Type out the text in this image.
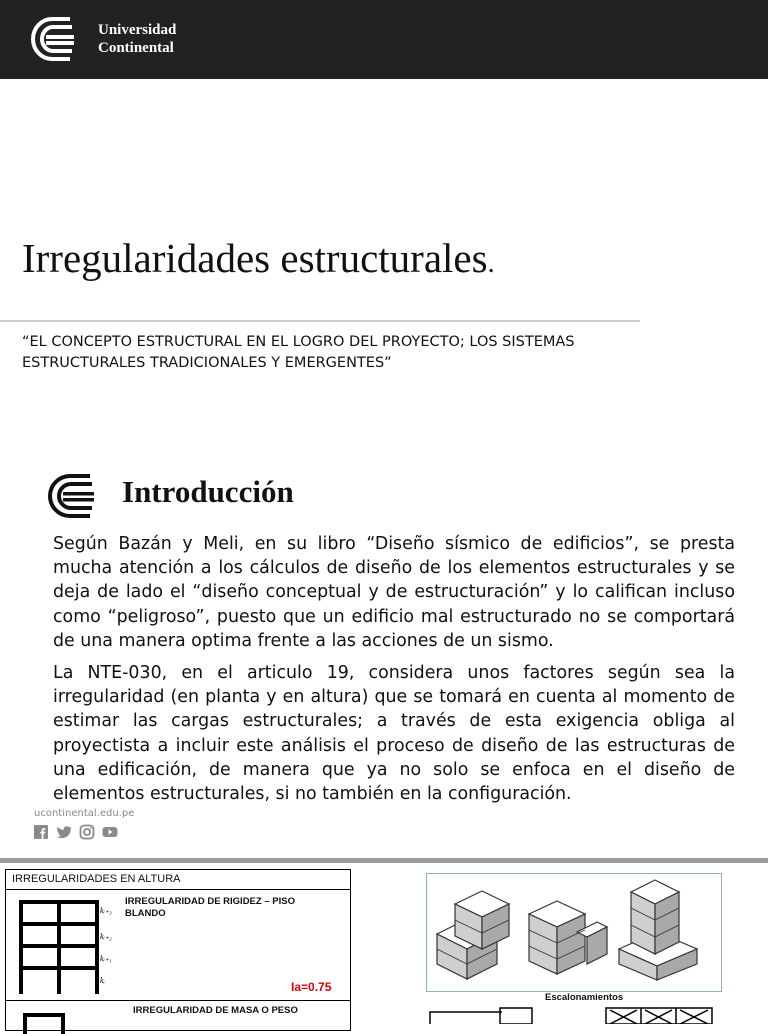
Universidad
Continental
Irregularidades estructurales.

“EL CONCEPTO ESTRUCTURAL EN EL LOGRO DEL PROYECTO; LOS SISTEMAS ESTRUCTURALES TRADICIONALES Y EMERGENTES”

Introducción

Según Bazán y Meli, en su libro “Diseño sísmico de edificios”, se presta mucha atención a los cálculos de diseño de los elementos estructurales y se deja de lado el “diseño conceptual y de estructuración” y lo califican incluso como “peligroso”, puesto que un edificio mal estructurado no se comportará de una manera optima frente a las acciones de un sismo.

La NTE-030, en el articulo 19, considera unos factores según sea la irregularidad (en planta y en altura) que se tomará en cuenta al momento de estimar las cargas estructurales; a través de esta exigencia obliga al proyectista a incluir este análisis el proceso de diseño de las estructuras de una edificación, de manera que ya no solo se enfoca en el diseño de elementos estructurales, si no también en la configuración.

ucontinental.edu.pe
IRREGULARIDADES EN ALTURA
IRREGULARIDAD DE RIGIDEZ – PISO BLANDO
Ia=0.75
IRREGULARIDAD DE MASA O PESO
kᵢ₊₃
kᵢ₊₂
kᵢ₊₁
kᵢ
Escalonamientos
